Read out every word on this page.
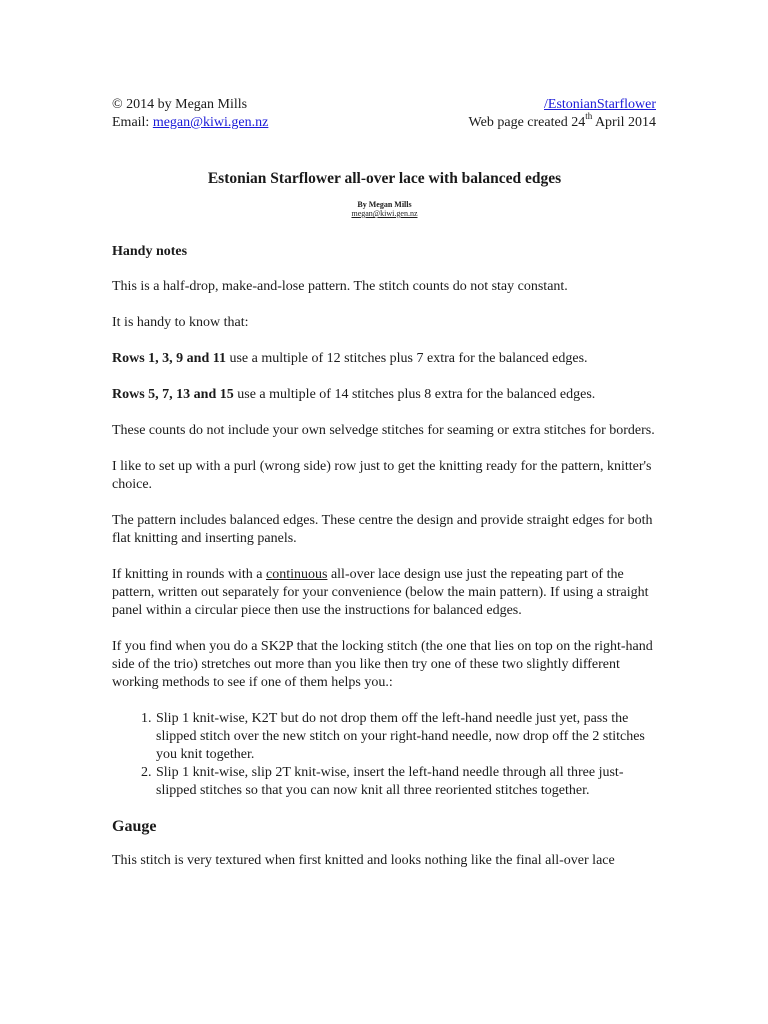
© 2014 by Megan Mills
Email: megan@kiwi.gen.nz
/EstonianStarflower
Web page created 24th April 2014
Estonian Starflower all-over lace with balanced edges
By Megan Mills
megan@kiwi.gen.nz
Handy notes

This is a half-drop, make-and-lose pattern. The stitch counts do not stay constant.

It is handy to know that:

Rows 1, 3, 9 and 11 use a multiple of 12 stitches plus 7 extra for the balanced edges.

Rows 5, 7, 13 and 15 use a multiple of 14 stitches plus 8 extra for the balanced edges.

These counts do not include your own selvedge stitches for seaming or extra stitches for borders.

I like to set up with a purl (wrong side) row just to get the knitting ready for the pattern, knitter's choice.

The pattern includes balanced edges. These centre the design and provide straight edges for both flat knitting and inserting panels.

If knitting in rounds with a continuous all-over lace design use just the repeating part of the pattern, written out separately for your convenience (below the main pattern). If using a straight panel within a circular piece then use the instructions for balanced edges.

If you find when you do a SK2P that the locking stitch (the one that lies on top on the right-hand side of the trio) stretches out more than you like then try one of these two slightly different working methods to see if one of them helps you.:

1. Slip 1 knit-wise, K2T but do not drop them off the left-hand needle just yet, pass the slipped stitch over the new stitch on your right-hand needle, now drop off the 2 stitches you knit together.
2. Slip 1 knit-wise, slip 2T knit-wise, insert the left-hand needle through all three just-slipped stitches so that you can now knit all three reoriented stitches together.
Gauge

This stitch is very textured when first knitted and looks nothing like the final all-over lace
